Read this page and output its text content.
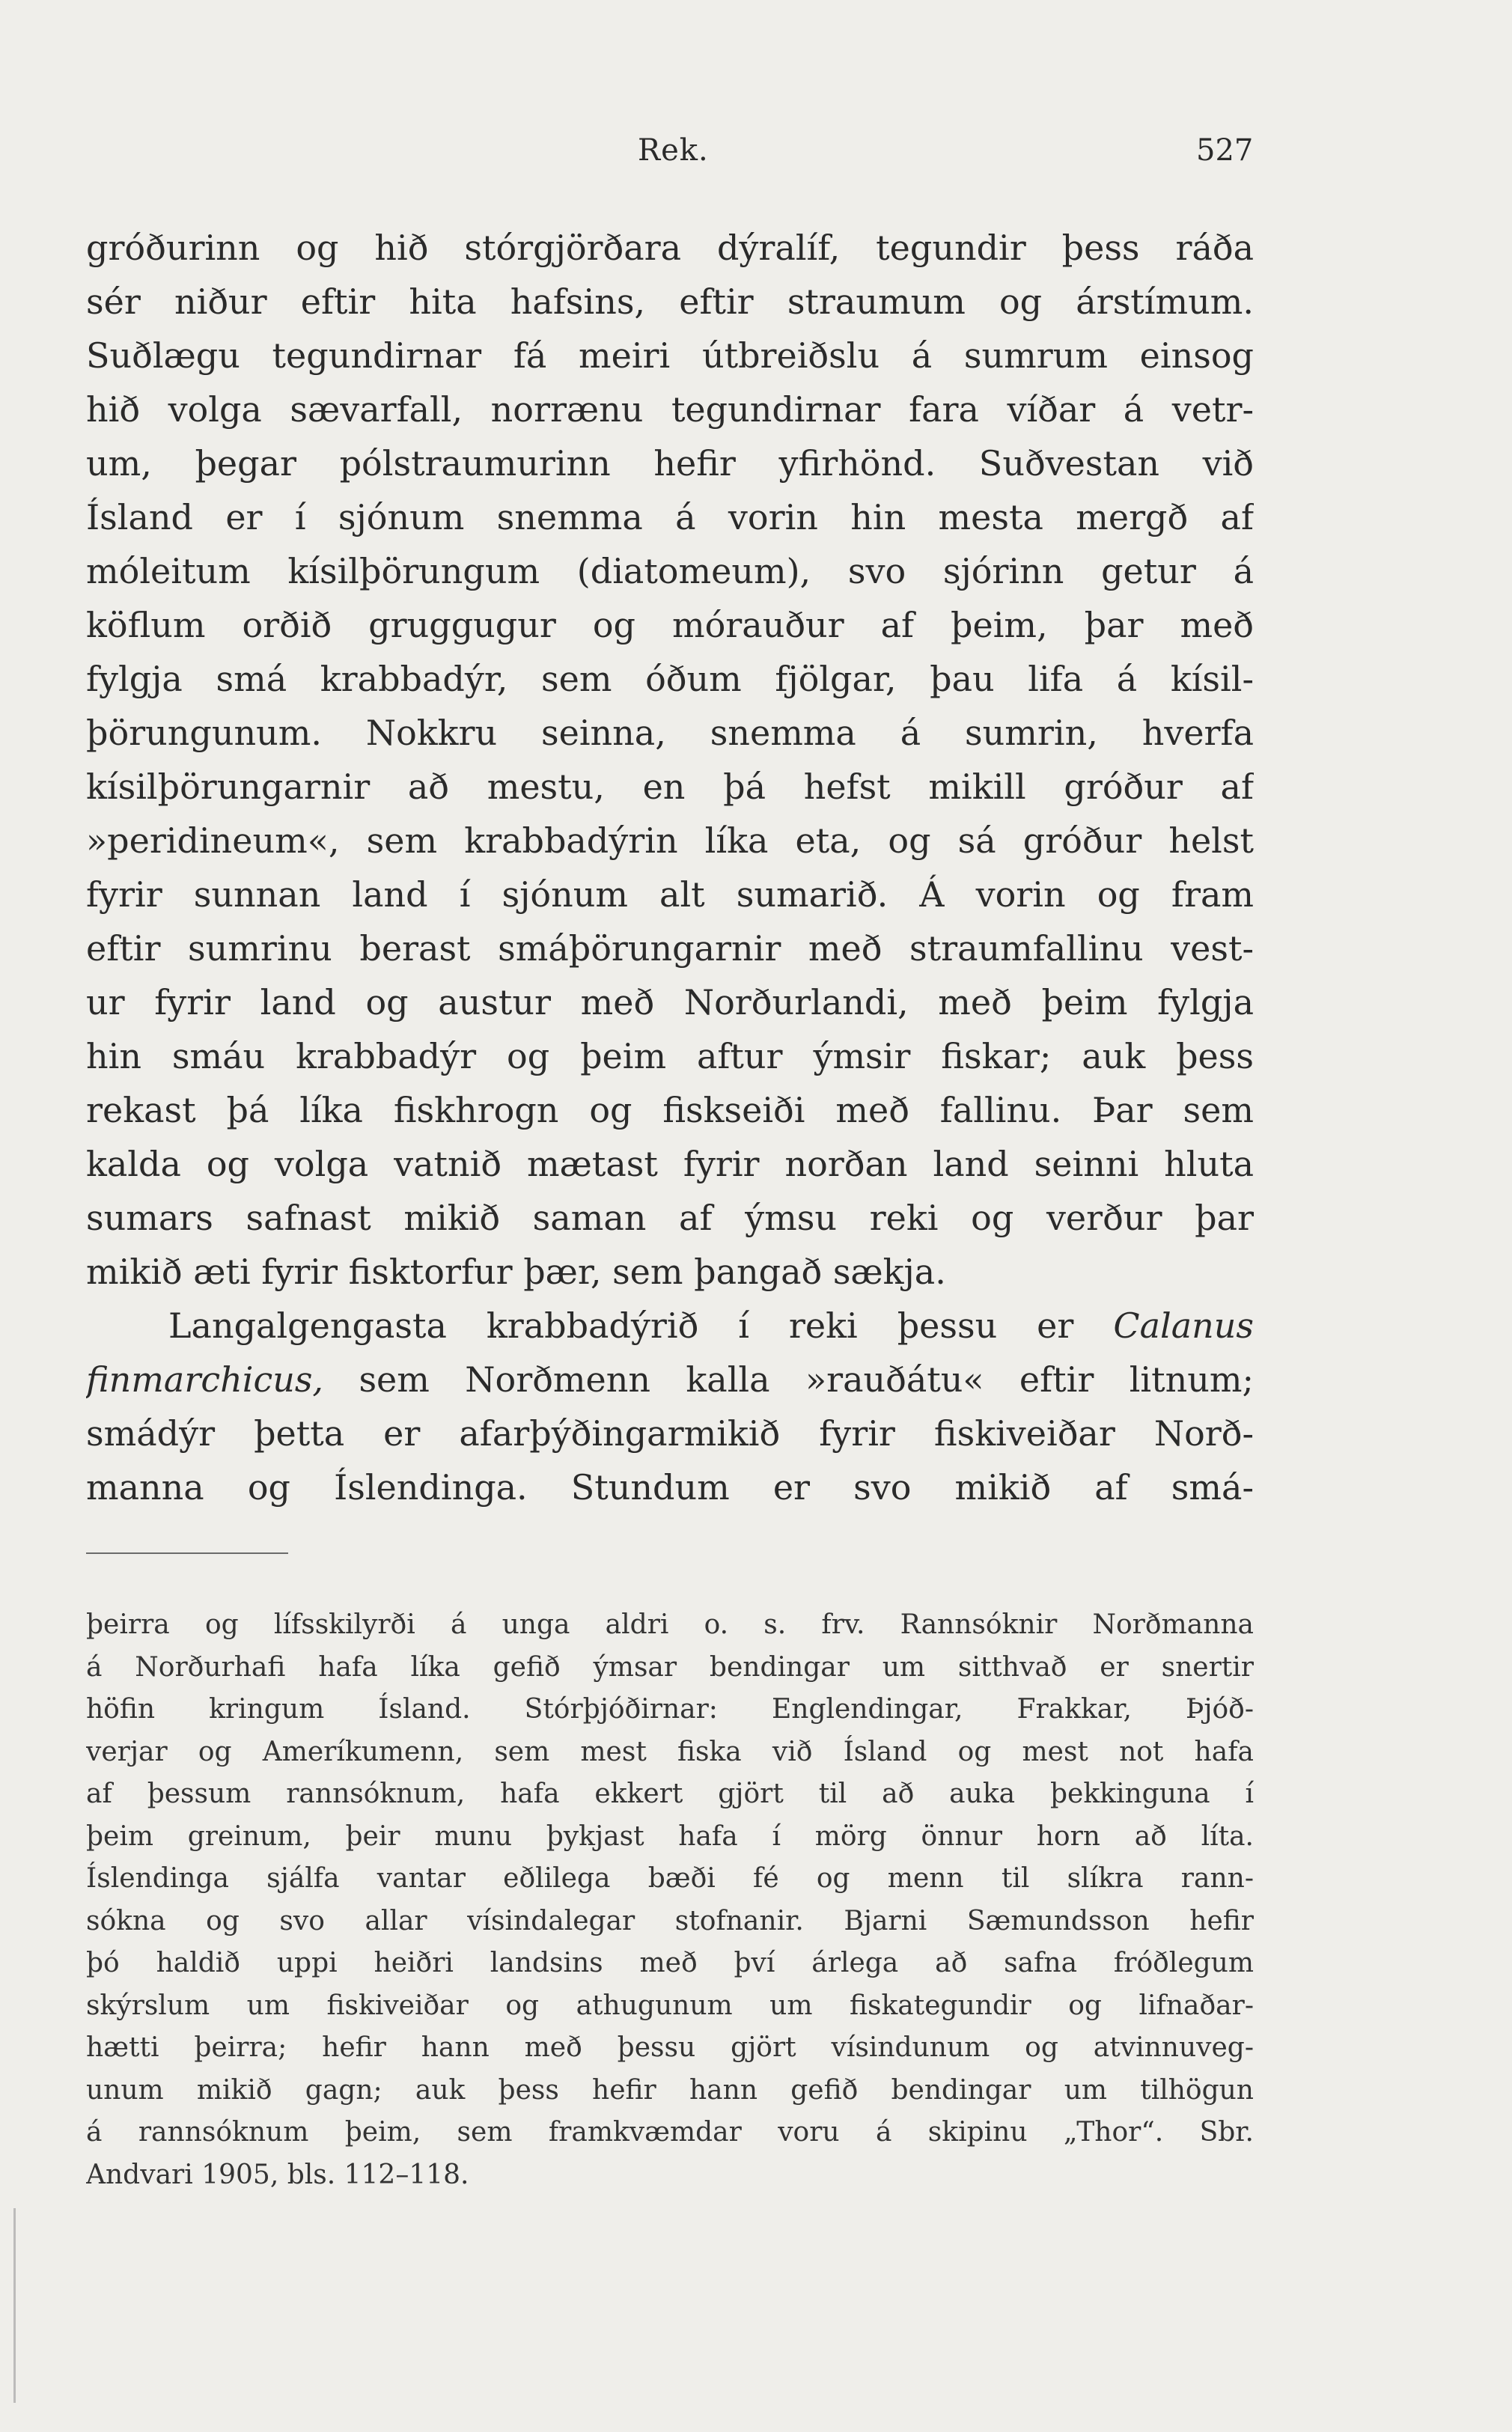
Rek.	527
gróðurinn og hið stórgjörðara dýralíf, tegundir þess ráða
sér niður eftir hita hafsins, eftir straumum og árstímum.
Suðlægu tegundirnar fá meiri útbreiðslu á sumrum einsog
hið volga sævarfall, norrænu tegundirnar fara víðar á vetr-
um, þegar pólstraumurinn hefir yfirhönd. Suðvestan við
Ísland er í sjónum snemma á vorin hin mesta mergð af
móleitum kísilþörungum (diatomeum), svo sjórinn getur á
köflum orðið gruggugur og mórauður af þeim, þar með
fylgja smá krabbadýr, sem óðum fjölgar, þau lifa á kísil-
þörungunum. Nokkru seinna, snemma á sumrin, hverfa
kísilþörungarnir að mestu, en þá hefst mikill gróður af
»peridineum«, sem krabbadýrin líka eta, og sá gróður helst
fyrir sunnan land í sjónum alt sumarið. Á vorin og fram
eftir sumrinu berast smáþörungarnir með straumfallinu vest-
ur fyrir land og austur með Norðurlandi, með þeim fylgja
hin smáu krabbadýr og þeim aftur ýmsir fiskar; auk þess
rekast þá líka fiskhrogn og fiskseiði með fallinu. Þar sem
kalda og volga vatnið mætast fyrir norðan land seinni hluta
sumars safnast mikið saman af ýmsu reki og verður þar
mikið æti fyrir fisktorfur þær, sem þangað sækja.
Langalgengasta krabbadýrið í reki þessu er Calanus
finmarchicus, sem Norðmenn kalla »rauðátu« eftir litnum;
smádýr þetta er afarþýðingarmikið fyrir fiskiveiðar Norð-
manna og Íslendinga. Stundum er svo mikið af smá-
þeirra og lífsskilyrði á unga aldri o. s. frv. Rannsóknir Norðmanna
á Norðurhafi hafa líka gefið ýmsar bendingar um sitthvað er snertir
höfin kringum Ísland. Stórþjóðirnar: Englendingar, Frakkar, Þjóð-
verjar og Ameríkumenn, sem mest fiska við Ísland og mest not hafa
af þessum rannsóknum, hafa ekkert gjört til að auka þekkinguna í
þeim greinum, þeir munu þykjast hafa í mörg önnur horn að líta.
Íslendinga sjálfa vantar eðlilega bæði fé og menn til slíkra rann-
sókna og svo allar vísindalegar stofnanir. Bjarni Sæmundsson hefir
þó haldið uppi heiðri landsins með því árlega að safna fróðlegum
skýrslum um fiskiveiðar og athugunum um fiskategundir og lifnaðar-
hætti þeirra; hefir hann með þessu gjört vísindunum og atvinnuveg-
unum mikið gagn; auk þess hefir hann gefið bendingar um tilhögun
á rannsóknum þeim, sem framkvæmdar voru á skipinu „Thor“. Sbr.
Andvari 1905, bls. 112–118.
